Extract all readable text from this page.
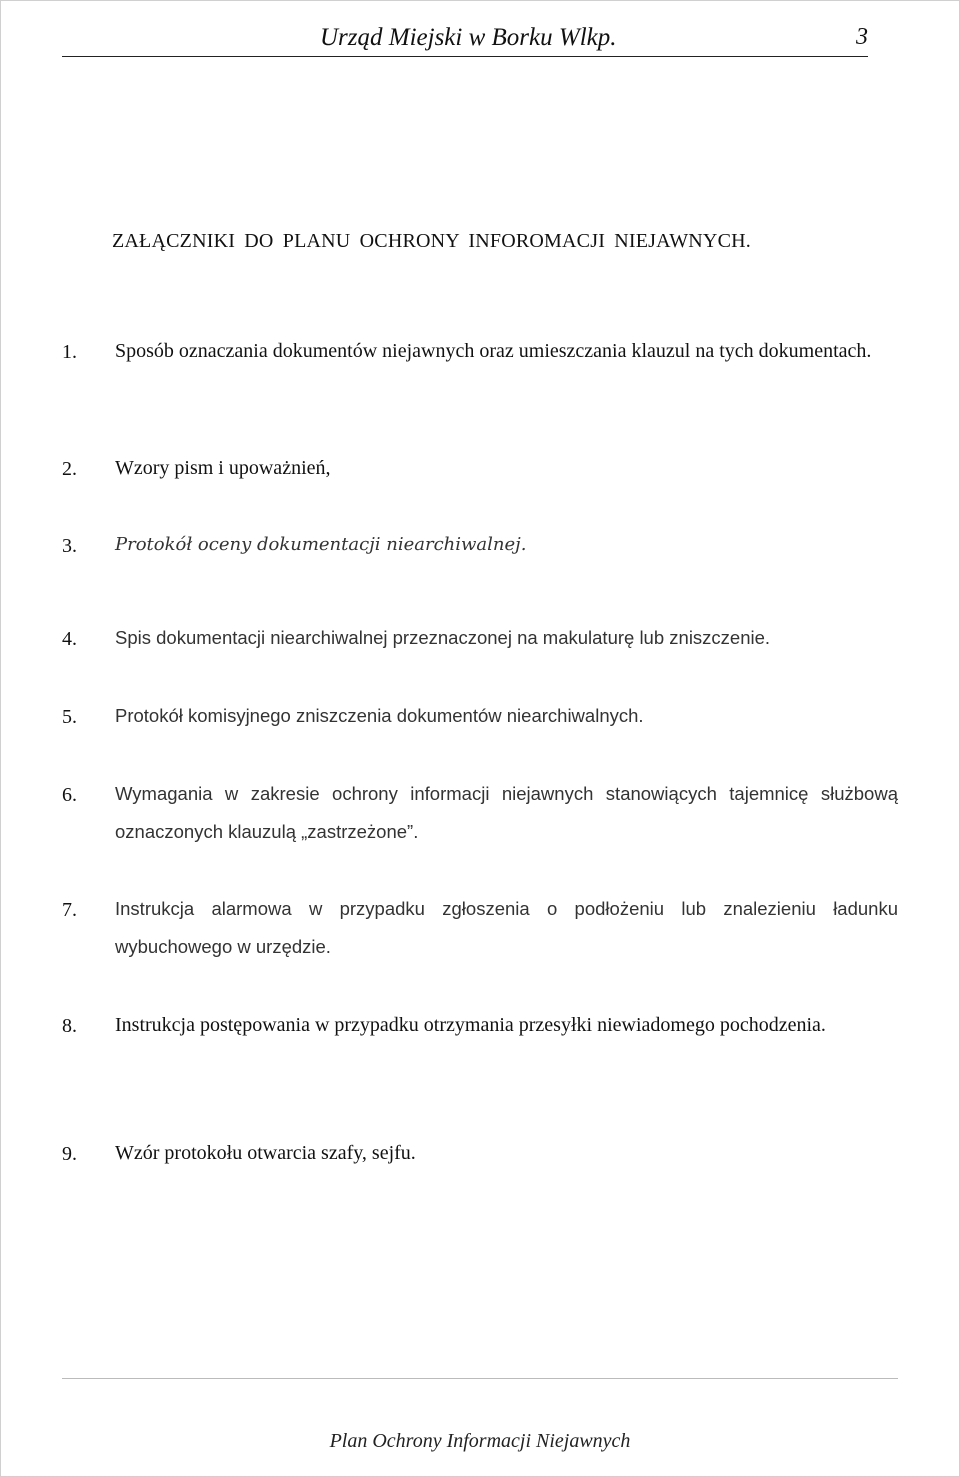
Urząd Miejski w Borku Wlkp.	3
ZAŁĄCZNIKI DO PLANU OCHRONY INFOROMACJI NIEJAWNYCH.
1. Sposób oznaczania dokumentów niejawnych oraz umieszczania klauzul na tych dokumentach.
2. Wzory pism i upoważnień,
3. Protokół oceny dokumentacji niearchiwalnej.
4. Spis dokumentacji niearchiwalnej przeznaczonej na makulaturę lub zniszczenie.
5. Protokół komisyjnego zniszczenia dokumentów niearchiwalnych.
6. Wymagania w zakresie ochrony informacji niejawnych stanowiących tajemnicę służbową oznaczonych klauzulą „zastrzeżone”.
7. Instrukcja alarmowa w przypadku zgłoszenia o podłożeniu lub znalezieniu ładunku wybuchowego w urzędzie.
8. Instrukcja postępowania w przypadku otrzymania przesyłki niewiadomego pochodzenia.
9. Wzór protokołu otwarcia szafy, sejfu.
Plan Ochrony Informacji Niejawnych
